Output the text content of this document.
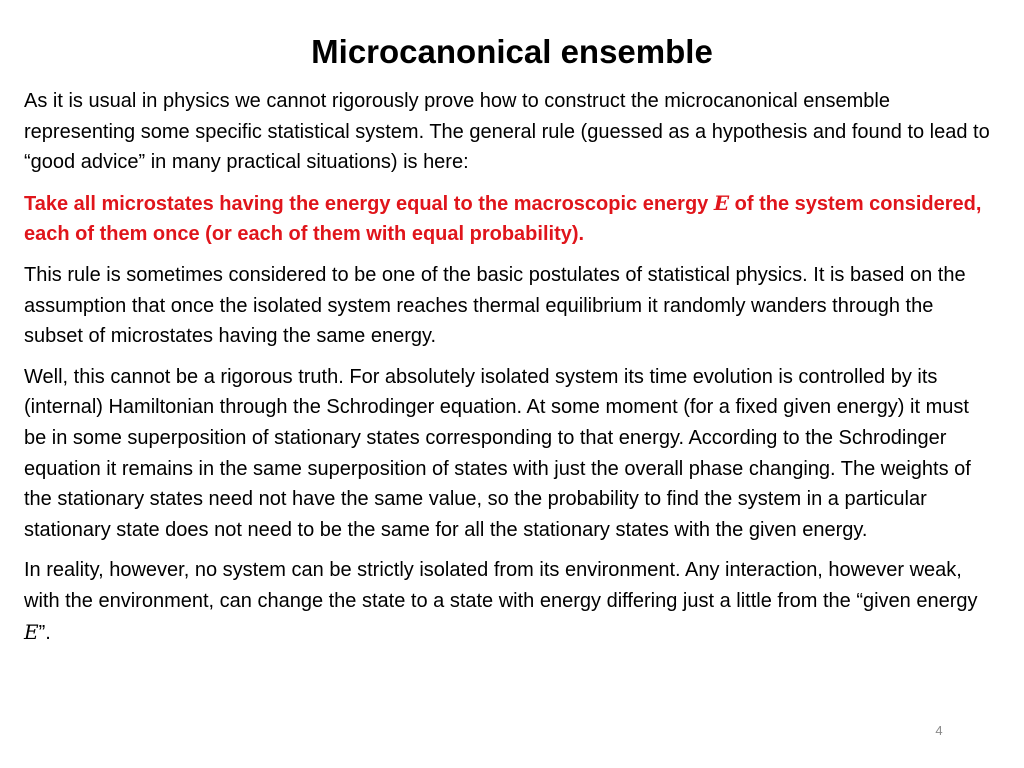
Microcanonical ensemble

As it is usual in physics we cannot rigorously prove how to construct the microcanonical ensemble representing some specific statistical system. The general rule (guessed as a hypothesis and found to lead to “good advice” in many practical situations) is here:

Take all microstates having the energy equal to the macroscopic energy E of the system considered, each of them once (or each of them with equal probability).

This rule is sometimes considered to be one of the basic postulates of statistical physics. It is based on the assumption that once the isolated system reaches thermal equilibrium it randomly wanders through the subset of microstates having the same energy.

Well, this cannot be a rigorous truth. For absolutely isolated system its time evolution is controlled by its (internal) Hamiltonian through the Schrodinger equation. At some moment (for a fixed given energy) it must be in some superposition of stationary states corresponding to that energy. According to the Schrodinger equation it remains in the same superposition of states with just the overall phase changing. The weights of the stationary states need not have the same value, so the probability to find the system in a particular stationary state does not need to be the same for all the stationary states with the given energy.

In reality, however, no system can be strictly isolated from its environment. Any interaction, however weak, with the environment, can change the state to a state with energy differing just a little from the “given energy E”.

4
